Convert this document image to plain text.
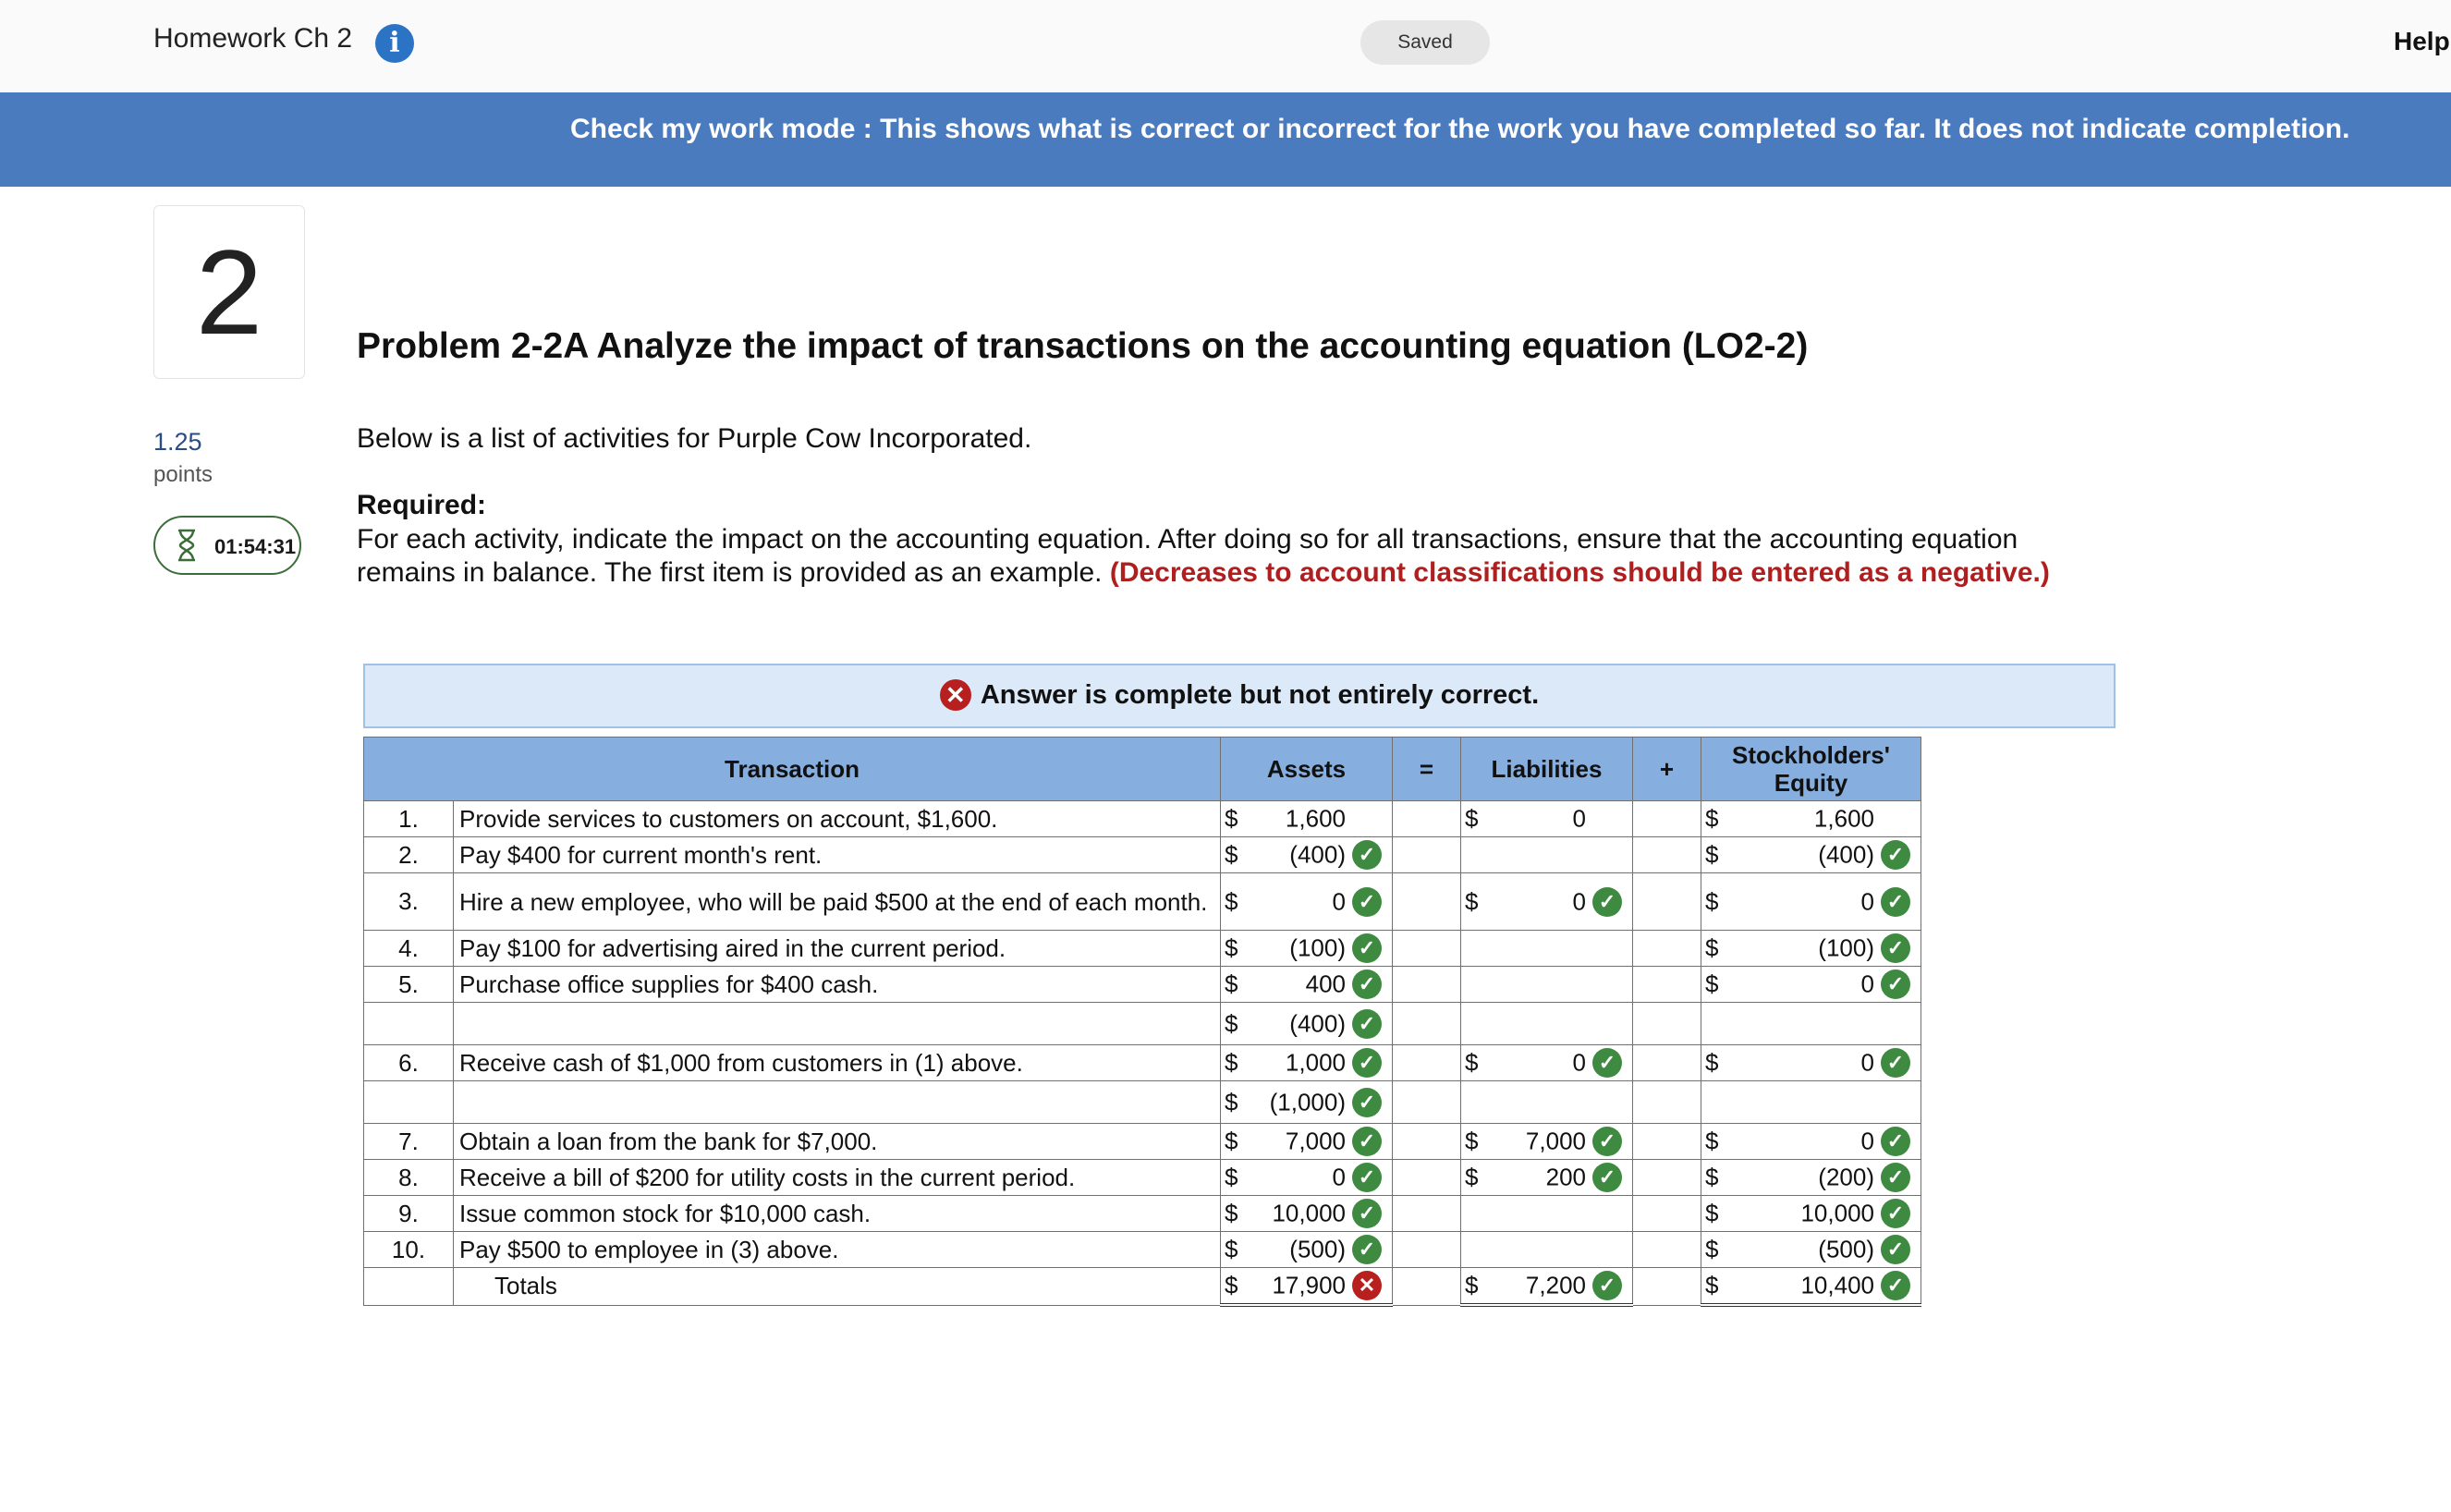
Homework Ch 2	i	Saved	Help
Check my work mode : This shows what is correct or incorrect for the work you have completed so far. It does not indicate completion.
2
1.25
points
01:54:31
Problem 2-2A Analyze the impact of transactions on the accounting equation (LO2-2)
Below is a list of activities for Purple Cow Incorporated.
Required:
For each activity, indicate the impact on the accounting equation. After doing so for all transactions, ensure that the accounting equation remains in balance. The first item is provided as an example. (Decreases to account classifications should be entered as a negative.)
✕ Answer is complete but not entirely correct.
Transaction		Assets	=	Liabilities	+	Stockholders' Equity
1.	Provide services to customers on account, $1,600.	$ 1,600		$ 0		$ 1,600

2.	Pay $400 for current month's rent.	$ (400) ✓				$ (400) ✓

3.	Hire a new employee, who will be paid $500 at the end of each month.	$ 0 ✓		$ 0 ✓		$ 0 ✓

4.	Pay $100 for advertising aired in the current period.	$ (100) ✓				$ (100) ✓

5.	Purchase office supplies for $400 cash.	$ 400 ✓				$ 0 ✓

		$ (400) ✓				

6.	Receive cash of $1,000 from customers in (1) above.	$ 1,000 ✓		$ 0 ✓		$ 0 ✓

		$ (1,000) ✓				

7.	Obtain a loan from the bank for $7,000.	$ 7,000 ✓		$ 7,000 ✓		$ 0 ✓

8.	Receive a bill of $200 for utility costs in the current period.	$ 0 ✓		$ 200 ✓		$ (200) ✓

9.	Issue common stock for $10,000 cash.	$ 10,000 ✓				$ 10,000 ✓

10.	Pay $500 to employee in (3) above.	$ (500) ✓				$ (500) ✓

	Totals	$ 17,900 ✕		$ 7,200 ✓		$ 10,400 ✓
